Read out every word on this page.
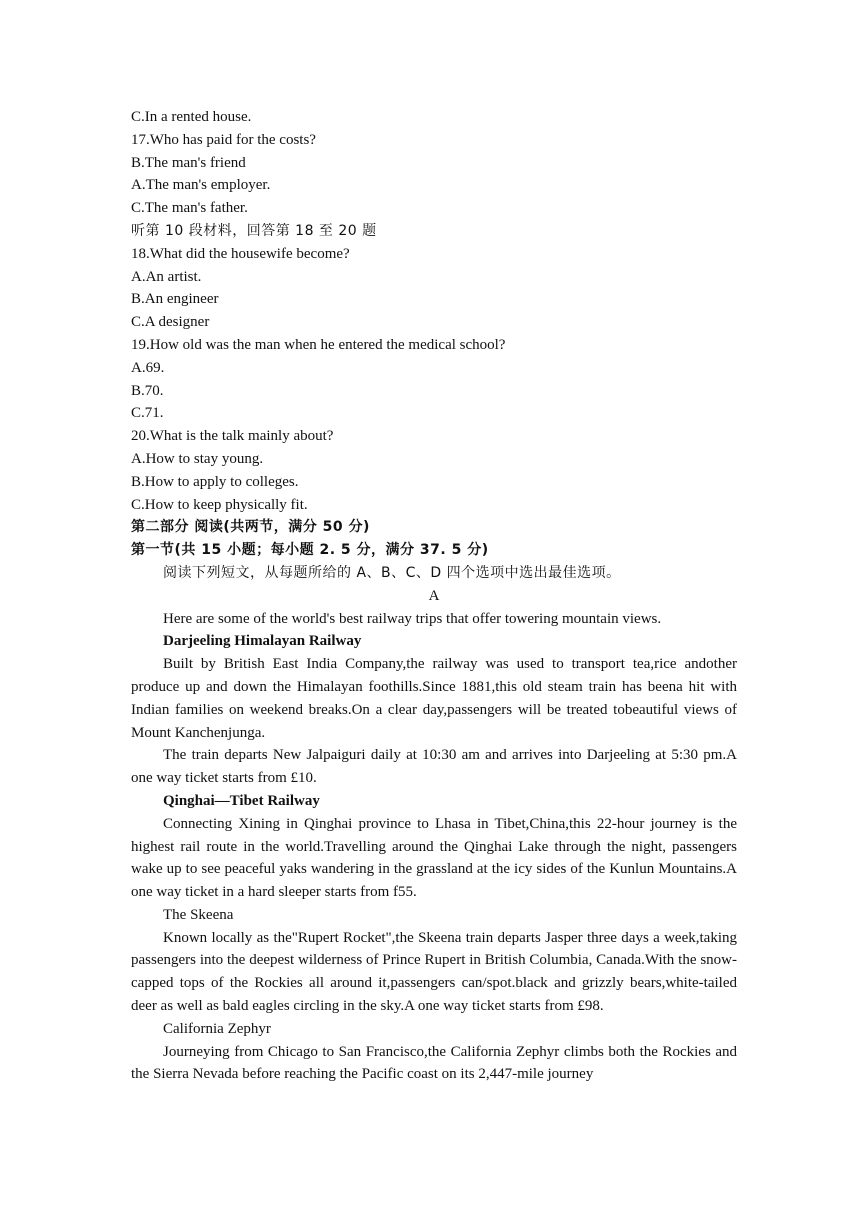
C.In a rented house.
17.Who has paid for the costs?
B.The man's friend
A.The man's employer.
C.The man's father.
听第 10 段材料，回答第 18 至 20 题
18.What did the housewife become?
A.An artist.
B.An engineer
C.A designer
19.How old was the man when he entered the medical school?
A.69.
B.70.
C.71.
20.What is the talk mainly about?
A.How to stay young.
B.How to apply to colleges.
C.How to keep physically fit.
第二部分 阅读(共两节，满分 50 分)
第一节(共 15 小题；每小题 2. 5 分，满分 37. 5 分)
阅读下列短文，从每题所给的 A、B、C、D 四个选项中选出最佳选项。
A
Here are some of the world's best railway trips that offer towering mountain views.
Darjeeling Himalayan Railway

Built by British East India Company,the railway was used to transport tea,rice andother produce up and down the Himalayan foothills.Since 1881,this old steam train has beena hit with Indian families on weekend breaks.On a clear day,passengers will be treated tobeautiful views of Mount Kanchenjunga.

The train departs New Jalpaiguri daily at 10:30 am and arrives into Darjeeling at 5:30 pm.A one way ticket starts from £10.

Qinghai—Tibet Railway

Connecting Xining in Qinghai province to Lhasa in Tibet,China,this 22-hour journey is the highest rail route in the world.Travelling around the Qinghai Lake through the night, passengers wake up to see peaceful yaks wandering in the grassland at the icy sides of the Kunlun Mountains.A one way ticket in a hard sleeper starts from f55.

The Skeena

Known locally as the"Rupert Rocket",the Skeena train departs Jasper three days a week,taking passengers into the deepest wilderness of Prince Rupert in British Columbia, Canada.With the snow-capped tops of the Rockies all around it,passengers can/spot.black and grizzly bears,white-tailed deer as well as bald eagles circling in the sky.A one way ticket starts from £98.

California Zephyr

Journeying from Chicago to San Francisco,the California Zephyr climbs both the Rockies and the Sierra Nevada before reaching the Pacific coast on its 2,447-mile journey
